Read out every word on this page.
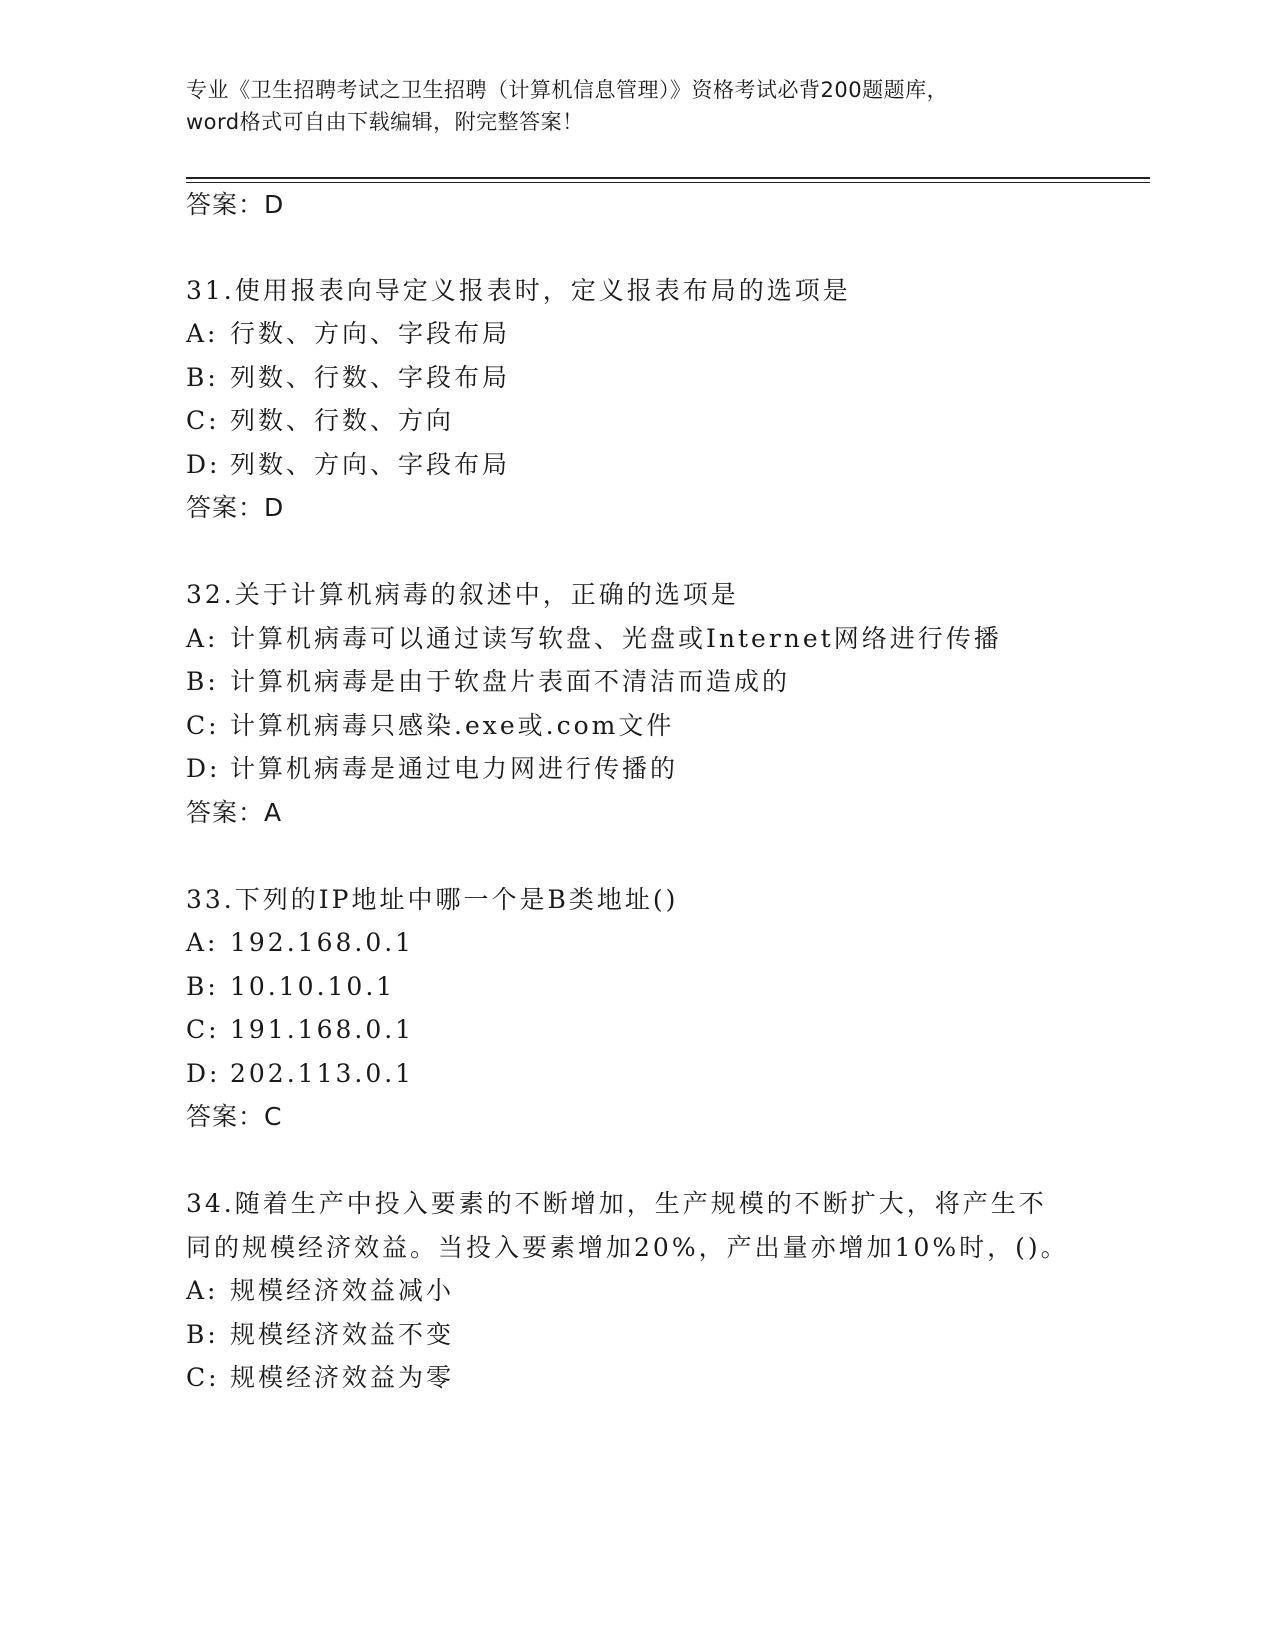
专业《卫生招聘考试之卫生招聘（计算机信息管理）》资格考试必背200题题库，
word格式可自由下载编辑，附完整答案！
答案：D
31.使用报表向导定义报表时，定义报表布局的选项是
A: 行数、方向、字段布局
B: 列数、行数、字段布局
C: 列数、行数、方向
D: 列数、方向、字段布局
答案：D
32.关于计算机病毒的叙述中，正确的选项是
A: 计算机病毒可以通过读写软盘、光盘或Internet网络进行传播
B: 计算机病毒是由于软盘片表面不清洁而造成的
C: 计算机病毒只感染.exe或.com文件
D: 计算机病毒是通过电力网进行传播的
答案：A
33.下列的IP地址中哪一个是B类地址()
A: 192.168.0.1
B: 10.10.10.1
C: 191.168.0.1
D: 202.113.0.1
答案：C
34.随着生产中投入要素的不断增加，生产规模的不断扩大，将产生不
同的规模经济效益。当投入要素增加20%，产出量亦增加10%时，()。
A: 规模经济效益减小
B: 规模经济效益不变
C: 规模经济效益为零
